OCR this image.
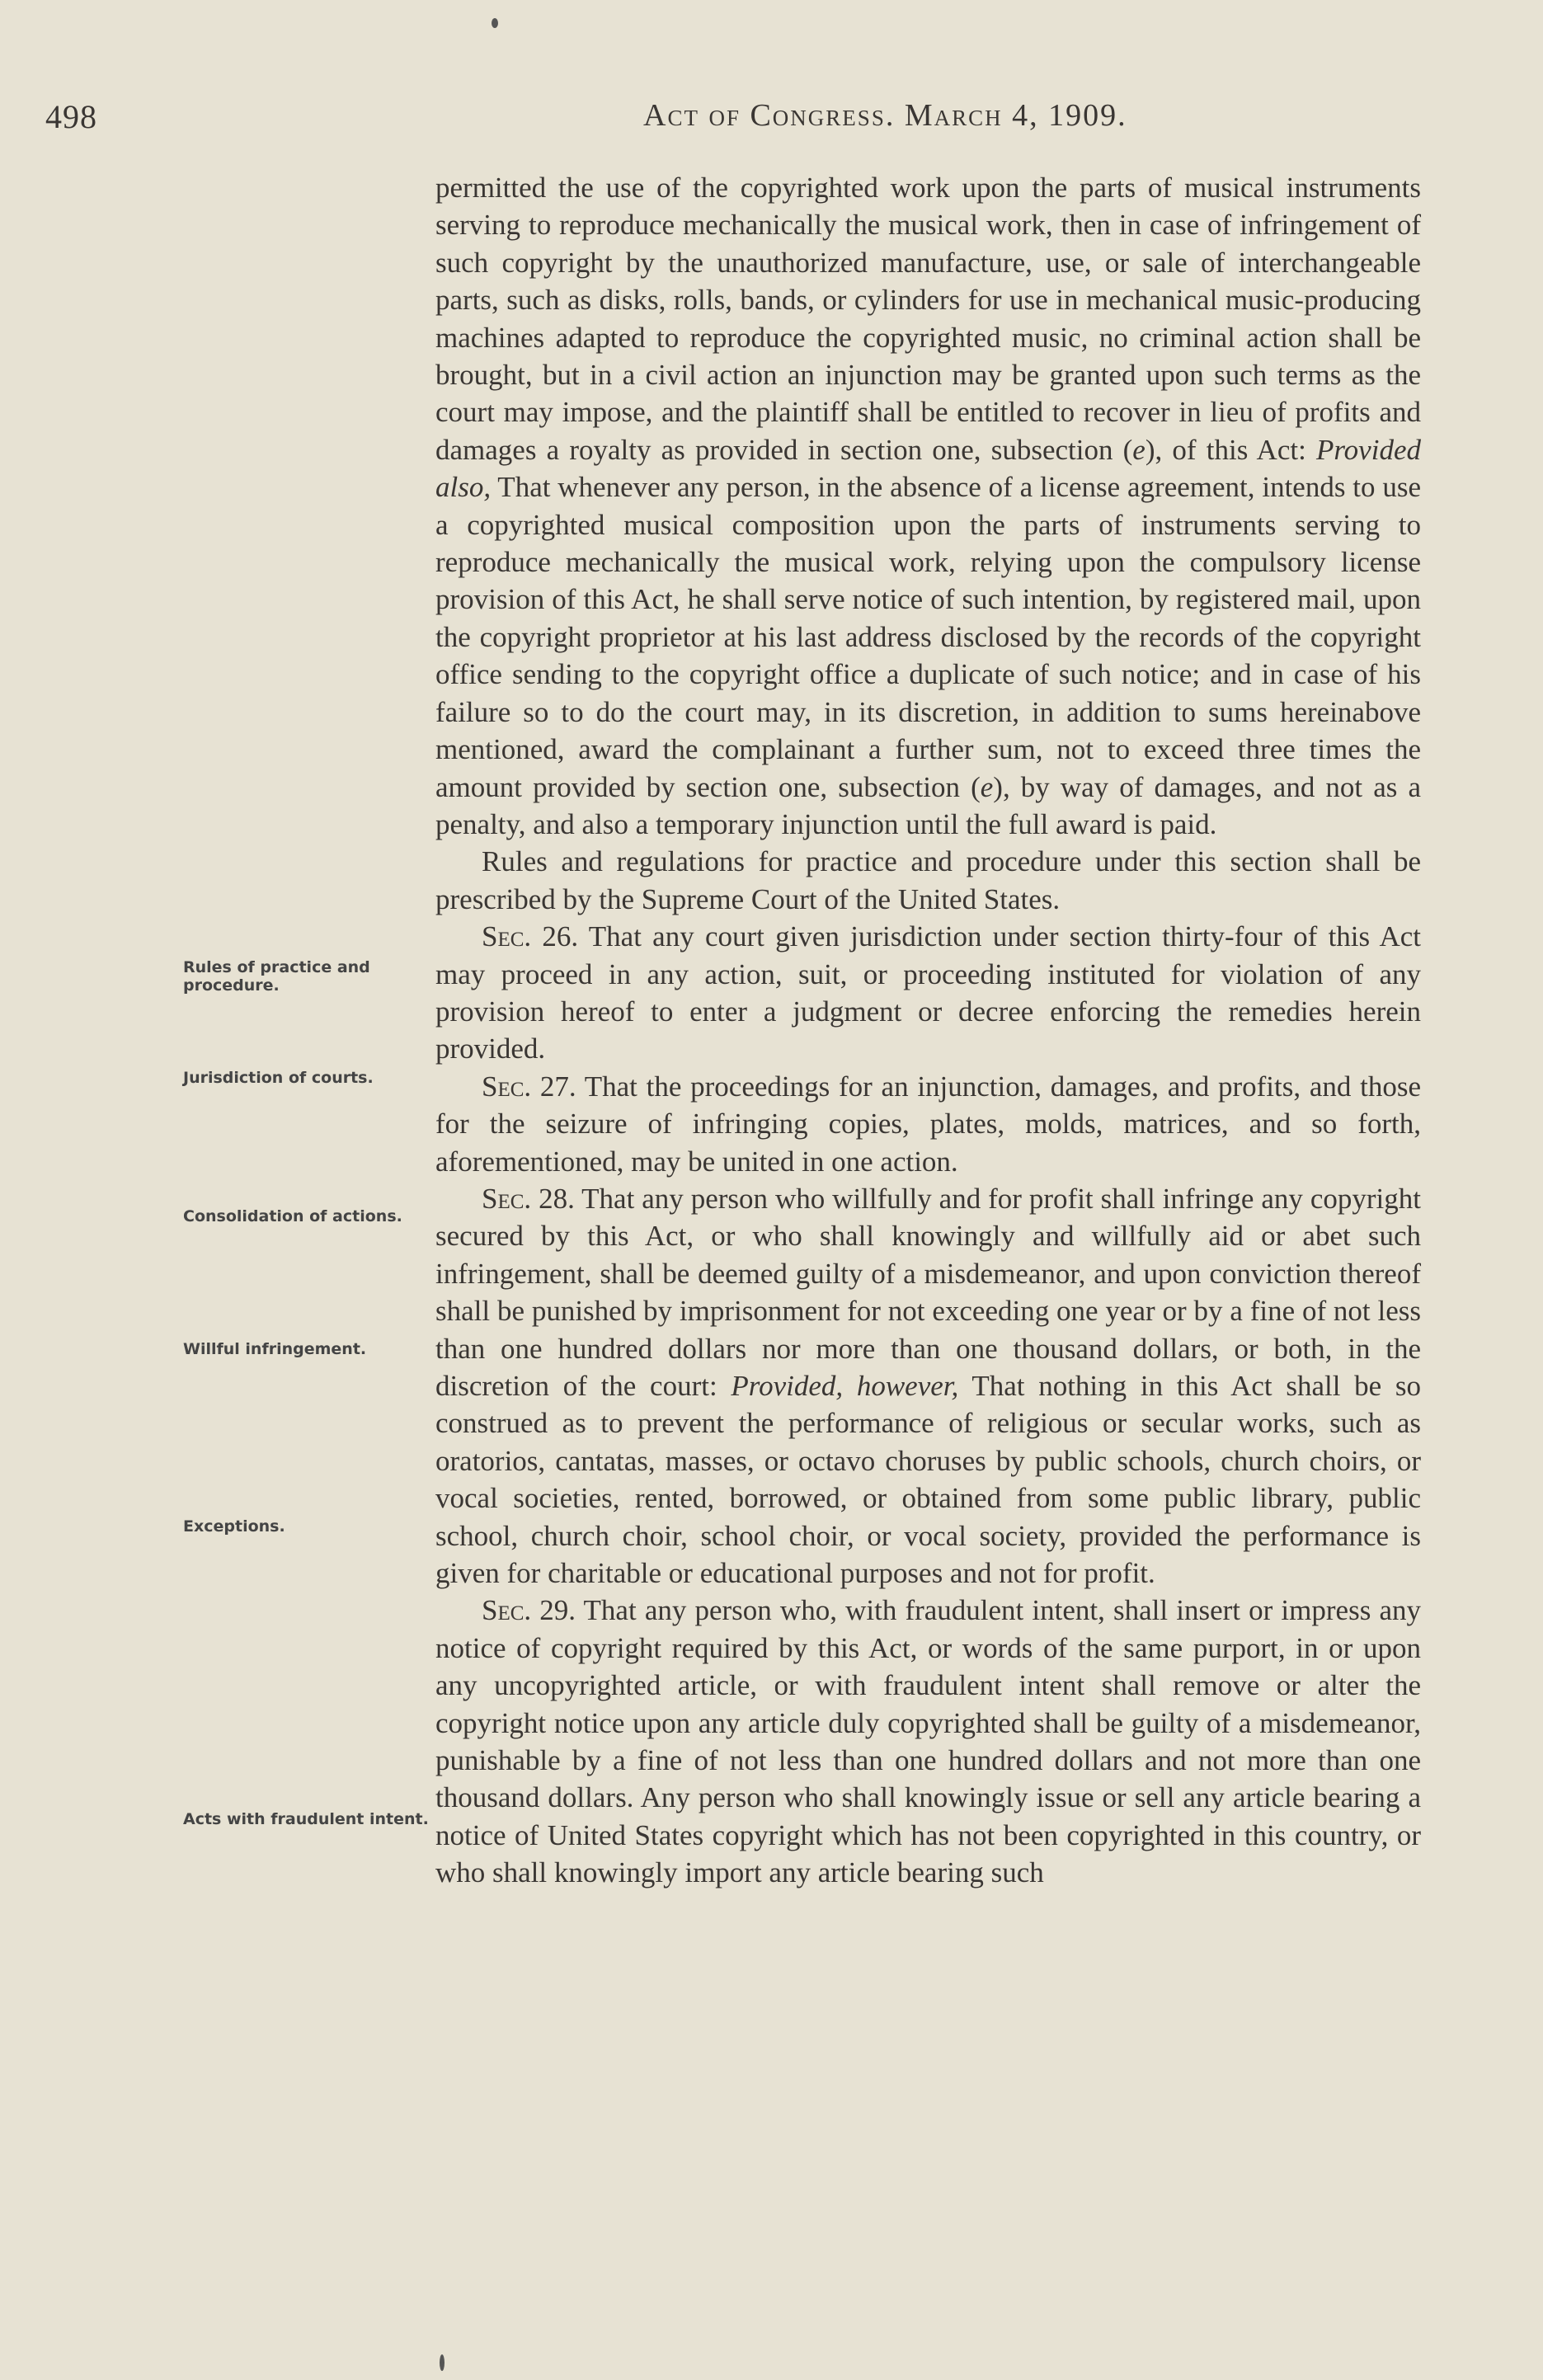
498	Act of Congress. March 4, 1909.
Rules of practice and procedure.
Jurisdiction of courts.
Consolidation of actions.
Willful infringement.
Exceptions.
Acts with fraudulent intent.

permitted the use of the copyrighted work upon the parts of musical instruments serving to reproduce mechanically the musical work, then in case of infringement of such copyright by the unauthorized manufacture, use, or sale of interchangeable parts, such as disks, rolls, bands, or cylinders for use in mechanical music-producing machines adapted to reproduce the copyrighted music, no criminal action shall be brought, but in a civil action an injunction may be granted upon such terms as the court may impose, and the plaintiff shall be entitled to recover in lieu of profits and damages a royalty as provided in section one, subsection (e), of this Act: Provided also, That whenever any person, in the absence of a license agreement, intends to use a copyrighted musical composition upon the parts of instruments serving to reproduce mechanically the musical work, relying upon the compulsory license provision of this Act, he shall serve notice of such intention, by registered mail, upon the copyright proprietor at his last address disclosed by the records of the copyright office sending to the copyright office a duplicate of such notice; and in case of his failure so to do the court may, in its discretion, in addition to sums hereinabove mentioned, award the complainant a further sum, not to exceed three times the amount provided by section one, subsection (e), by way of damages, and not as a penalty, and also a temporary injunction until the full award is paid.

Rules and regulations for practice and procedure under this section shall be prescribed by the Supreme Court of the United States.

Sec. 26. That any court given jurisdiction under section thirty-four of this Act may proceed in any action, suit, or proceeding instituted for violation of any provision hereof to enter a judgment or decree enforcing the remedies herein provided.

Sec. 27. That the proceedings for an injunction, damages, and profits, and those for the seizure of infringing copies, plates, molds, matrices, and so forth, aforementioned, may be united in one action.

Sec. 28. That any person who willfully and for profit shall infringe any copyright secured by this Act, or who shall knowingly and willfully aid or abet such infringement, shall be deemed guilty of a misdemeanor, and upon conviction thereof shall be punished by imprisonment for not exceeding one year or by a fine of not less than one hundred dollars nor more than one thousand dollars, or both, in the discretion of the court: Provided, however, That nothing in this Act shall be so construed as to prevent the performance of religious or secular works, such as oratorios, cantatas, masses, or octavo choruses by public schools, church choirs, or vocal societies, rented, borrowed, or obtained from some public library, public school, church choir, school choir, or vocal society, provided the performance is given for charitable or educational purposes and not for profit.

Sec. 29. That any person who, with fraudulent intent, shall insert or impress any notice of copyright required by this Act, or words of the same purport, in or upon any uncopyrighted article, or with fraudulent intent shall remove or alter the copyright notice upon any article duly copyrighted shall be guilty of a misdemeanor, punishable by a fine of not less than one hundred dollars and not more than one thousand dollars. Any person who shall knowingly issue or sell any article bearing a notice of United States copyright which has not been copyrighted in this country, or who shall knowingly import any article bearing such
